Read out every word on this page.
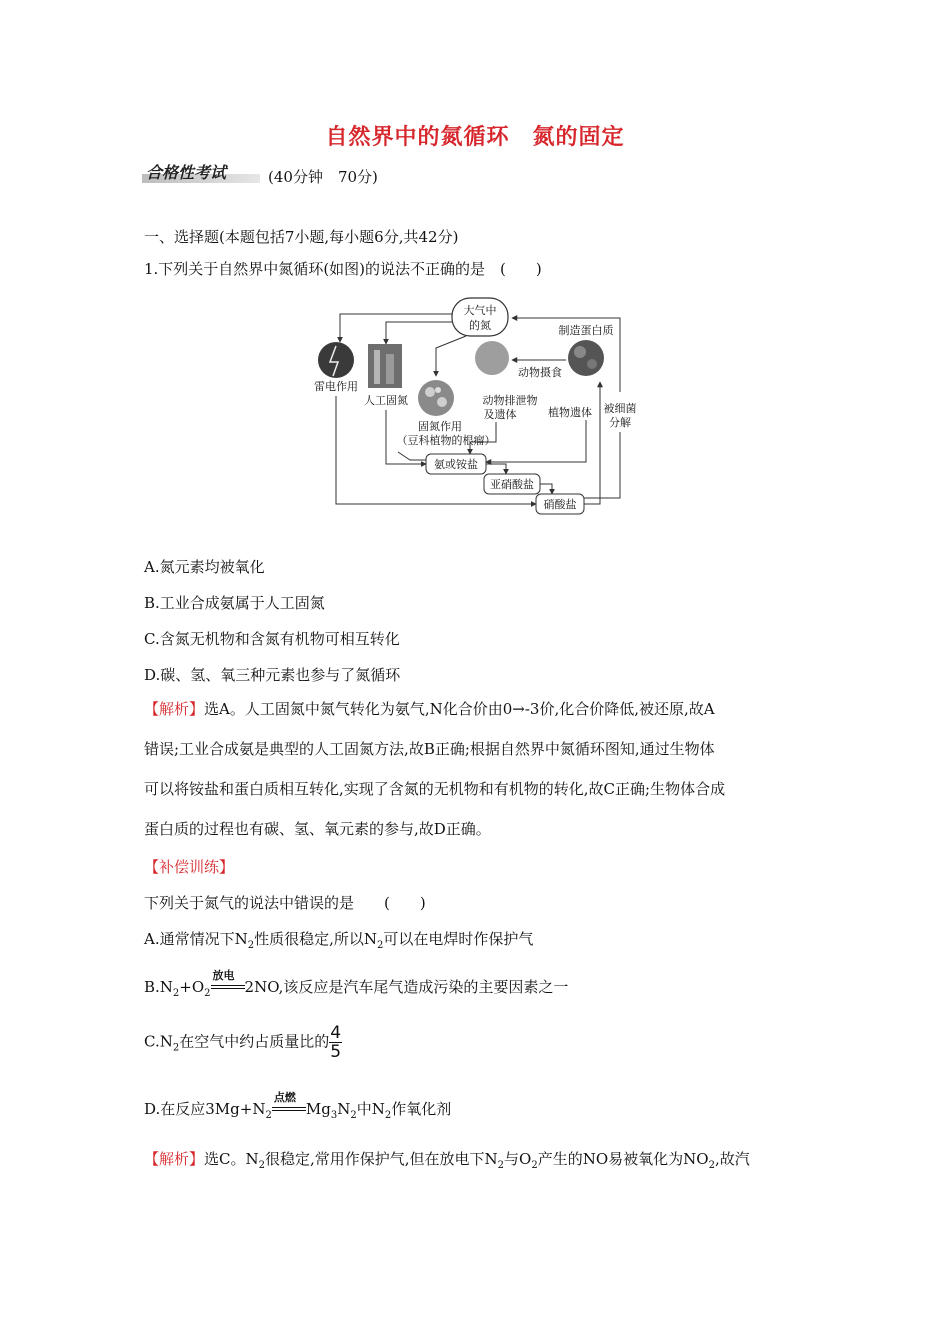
自然界中的氮循环　氮的固定
合格性考试	(40分钟　70分)
一、选择题(本题包括7小题,每小题6分,共42分)
1.下列关于自然界中氮循环(如图)的说法不正确的是　(　　)
大气中
的氮
雷电作用
人工固氮
固氮作用
（豆科植物的根瘤）
动物排泄物
及遗体
动物摄食
制造蛋白质
植物遗体 被细菌
分解
氨或铵盐
亚硝酸盐
硝酸盐
A.氮元素均被氧化
B.工业合成氨属于人工固氮
C.含氮无机物和含氮有机物可相互转化
D.碳、氢、氧三种元素也参与了氮循环
【解析】选A。人工固氮中氮气转化为氨气,N化合价由0→-3价,化合价降低,被还原,故A
错误;工业合成氨是典型的人工固氮方法,故B正确;根据自然界中氮循环图知,通过生物体
可以将铵盐和蛋白质相互转化,实现了含氮的无机物和有机物的转化,故C正确;生物体合成
蛋白质的过程也有碳、氢、氧元素的参与,故D正确。
【补偿训练】
下列关于氮气的说法中错误的是　　(　　)
A.通常情况下$N_2$性质很稳定,所以$N_2$可以在电焊时作保护气
$B.N_2+O_2$
放电
2NO,该反应是汽车尾气造成污染的主要因素之一
$C.N_2$在空气中约占质量比的 $\frac{4}{5}$
D.在反应$3Mg+N_2$
点燃
$Mg_3N_2$中$N_2$作氧化剂
【解析】选C。$N_2$很稳定,常用作保护气,但在放电下$N_2$与$O_2$产生的NO易被氧化为$NO_2$,故汽
